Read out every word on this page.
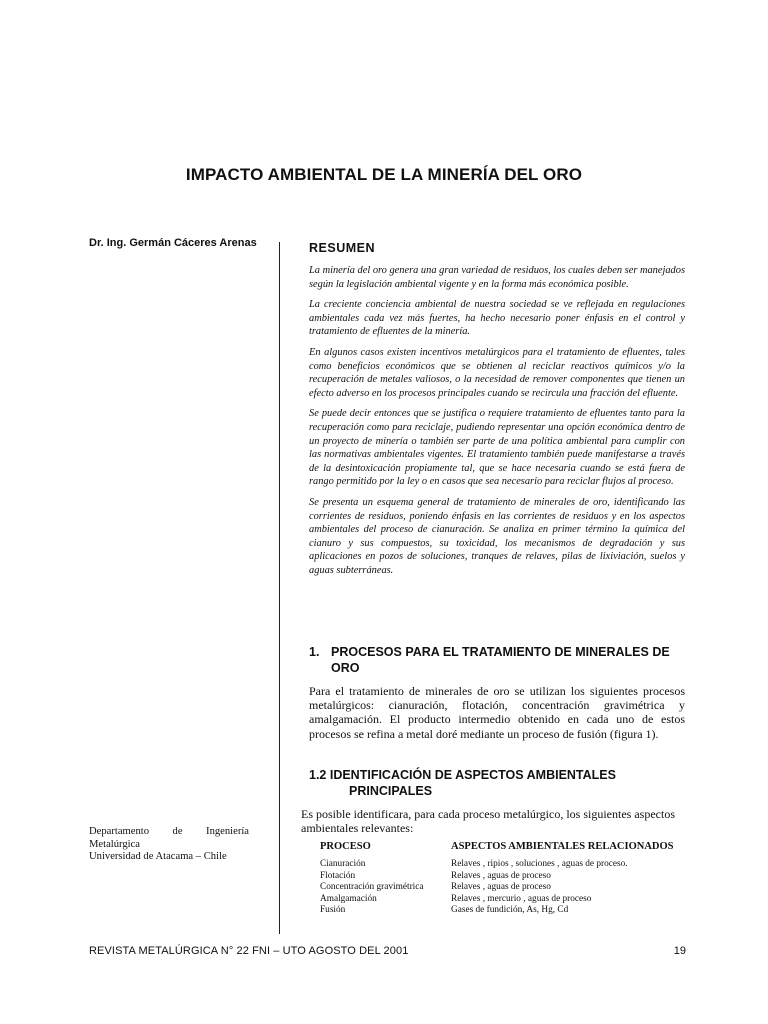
IMPACTO AMBIENTAL DE LA MINERÍA DEL ORO
Dr. Ing. Germán Cáceres Arenas	RESUMEN

La minería del oro genera una gran variedad de residuos, los cuales deben ser manejados según la legislación ambiental vigente y en la forma más económica posible.

La creciente conciencia ambiental de nuestra sociedad se ve reflejada en regulaciones ambientales cada vez más fuertes, ha hecho necesario poner énfasis en el control y tratamiento de efluentes de la minería.

En algunos casos existen incentivos metalúrgicos para el tratamiento de efluentes, tales como beneficios económicos que se obtienen al reciclar reactivos químicos y/o la recuperación de metales valiosos, o la necesidad de remover componentes que tienen un efecto adverso en los procesos principales cuando se recircula una fracción del efluente.

Se puede decir entonces que se justifica o requiere tratamiento de efluentes tanto para la recuperación como para reciclaje, pudiendo representar una opción económica dentro de un proyecto de minería o también ser parte de una política ambiental para cumplir con las normativas ambientales vigentes. El tratamiento también puede manifestarse a través de la desintoxicación propiamente tal, que se hace necesaria cuando se está fuera de rango permitido por la ley o en casos que sea necesario para reciclar flujos al proceso.

Se presenta un esquema general de tratamiento de minerales de oro, identificando las corrientes de residuos, poniendo énfasis en las corrientes de residuos y en los aspectos ambientales del proceso de cianuración. Se analiza en primer término la química del cianuro y sus compuestos, su toxicidad, los mecanismos de degradación y sus aplicaciones en pozos de soluciones, tranques de relaves, pilas de lixiviación, suelos y aguas subterráneas.

1. PROCESOS PARA EL TRATAMIENTO DE MINERALES DE ORO

Para el tratamiento de minerales de oro se utilizan los siguientes procesos metalúrgicos: cianuración, flotación, concentración gravimétrica y amalgamación. El producto intermedio obtenido en cada uno de estos procesos se refina a metal doré mediante un proceso de fusión (figura 1).

1.2 IDENTIFICACIÓN DE ASPECTOS AMBIENTALES
PRINCIPALES

Es posible identificara, para cada proceso metalúrgico, los siguientes aspectos ambientales relevantes:

PROCESO	ASPECTOS AMBIENTALES RELACIONADOS
Cianuración	Relaves , ripios , soluciones , aguas de proceso.
Flotación	Relaves , aguas de proceso
Concentración gravimétrica	Relaves , aguas de proceso
Amalgamación	Relaves , mercurio , aguas de proceso
Fusión	Gases de fundición, As, Hg, Cd
Departamento de Ingeniería
Metalúrgica
Universidad de Atacama – Chile
REVISTA METALÚRGICA N° 22 FNI – UTO AGOSTO DEL 2001	19
